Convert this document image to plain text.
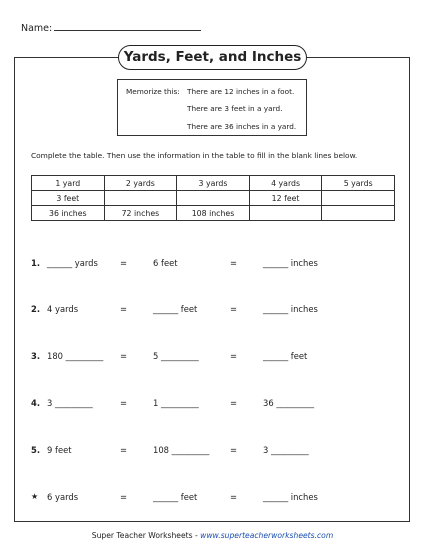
Name:
Yards, Feet, and Inches
Memorize this: There are 12 inches in a foot.
There are 3 feet in a yard.
There are 36 inches in a yard.
Complete the table. Then use the information in the table to fill in the blank lines below.
1 yard	2 yards	3 yards	4 yards	5 yards
3 feet			12 feet	
36 inches	72 inches	108 inches		
1. ______ yards	=	6 feet	=	______ inches
2. 4 yards	=	______ feet	=	______ inches
3. 180 _________ =	5 _________	=	______ feet
4. 3 _________	=	1 _________	=	36 _________
5. 9 feet	=	108 _________ =	3 _________
★ 6 yards	=	______ feet	=	______ inches
Super Teacher Worksheets - www.superteacherworksheets.com
